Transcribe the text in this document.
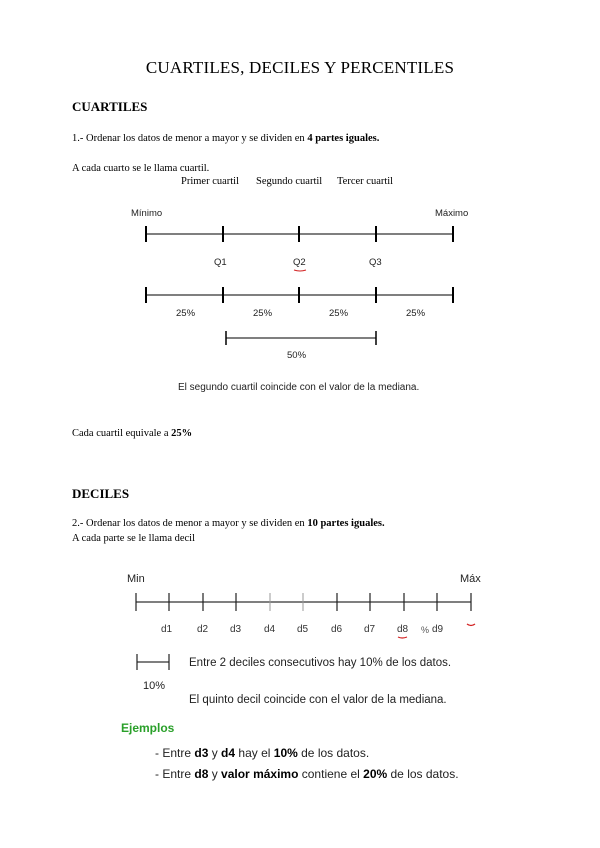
CUARTILES, DECILES Y PERCENTILES
CUARTILES
1.- Ordenar los datos de menor a mayor y se dividen en 4 partes iguales.
A cada cuarto se le llama cuartil.
Primer cuartil Segundo cuartil Tercer cuartil
Mínimo	Máximo
Q1	Q2	Q3
25%	25%	25%	25%
50%
El segundo cuartil coincide con el valor de la mediana.
Cada cuartil equivale a 25%
DECILES
2.- Ordenar los datos de menor a mayor y se dividen en 10 partes iguales.
A cada parte se le llama decil
Min	Máx
d1 d2 d3 d4 d5 d6 d7 d8 % d9
Entre 2 deciles consecutivos hay 10% de los datos.
10%
El quinto decil coincide con el valor de la mediana.
Ejemplos
- Entre d3 y d4 hay el 10% de los datos.
- Entre d8 y valor máximo contiene el 20% de los datos.
